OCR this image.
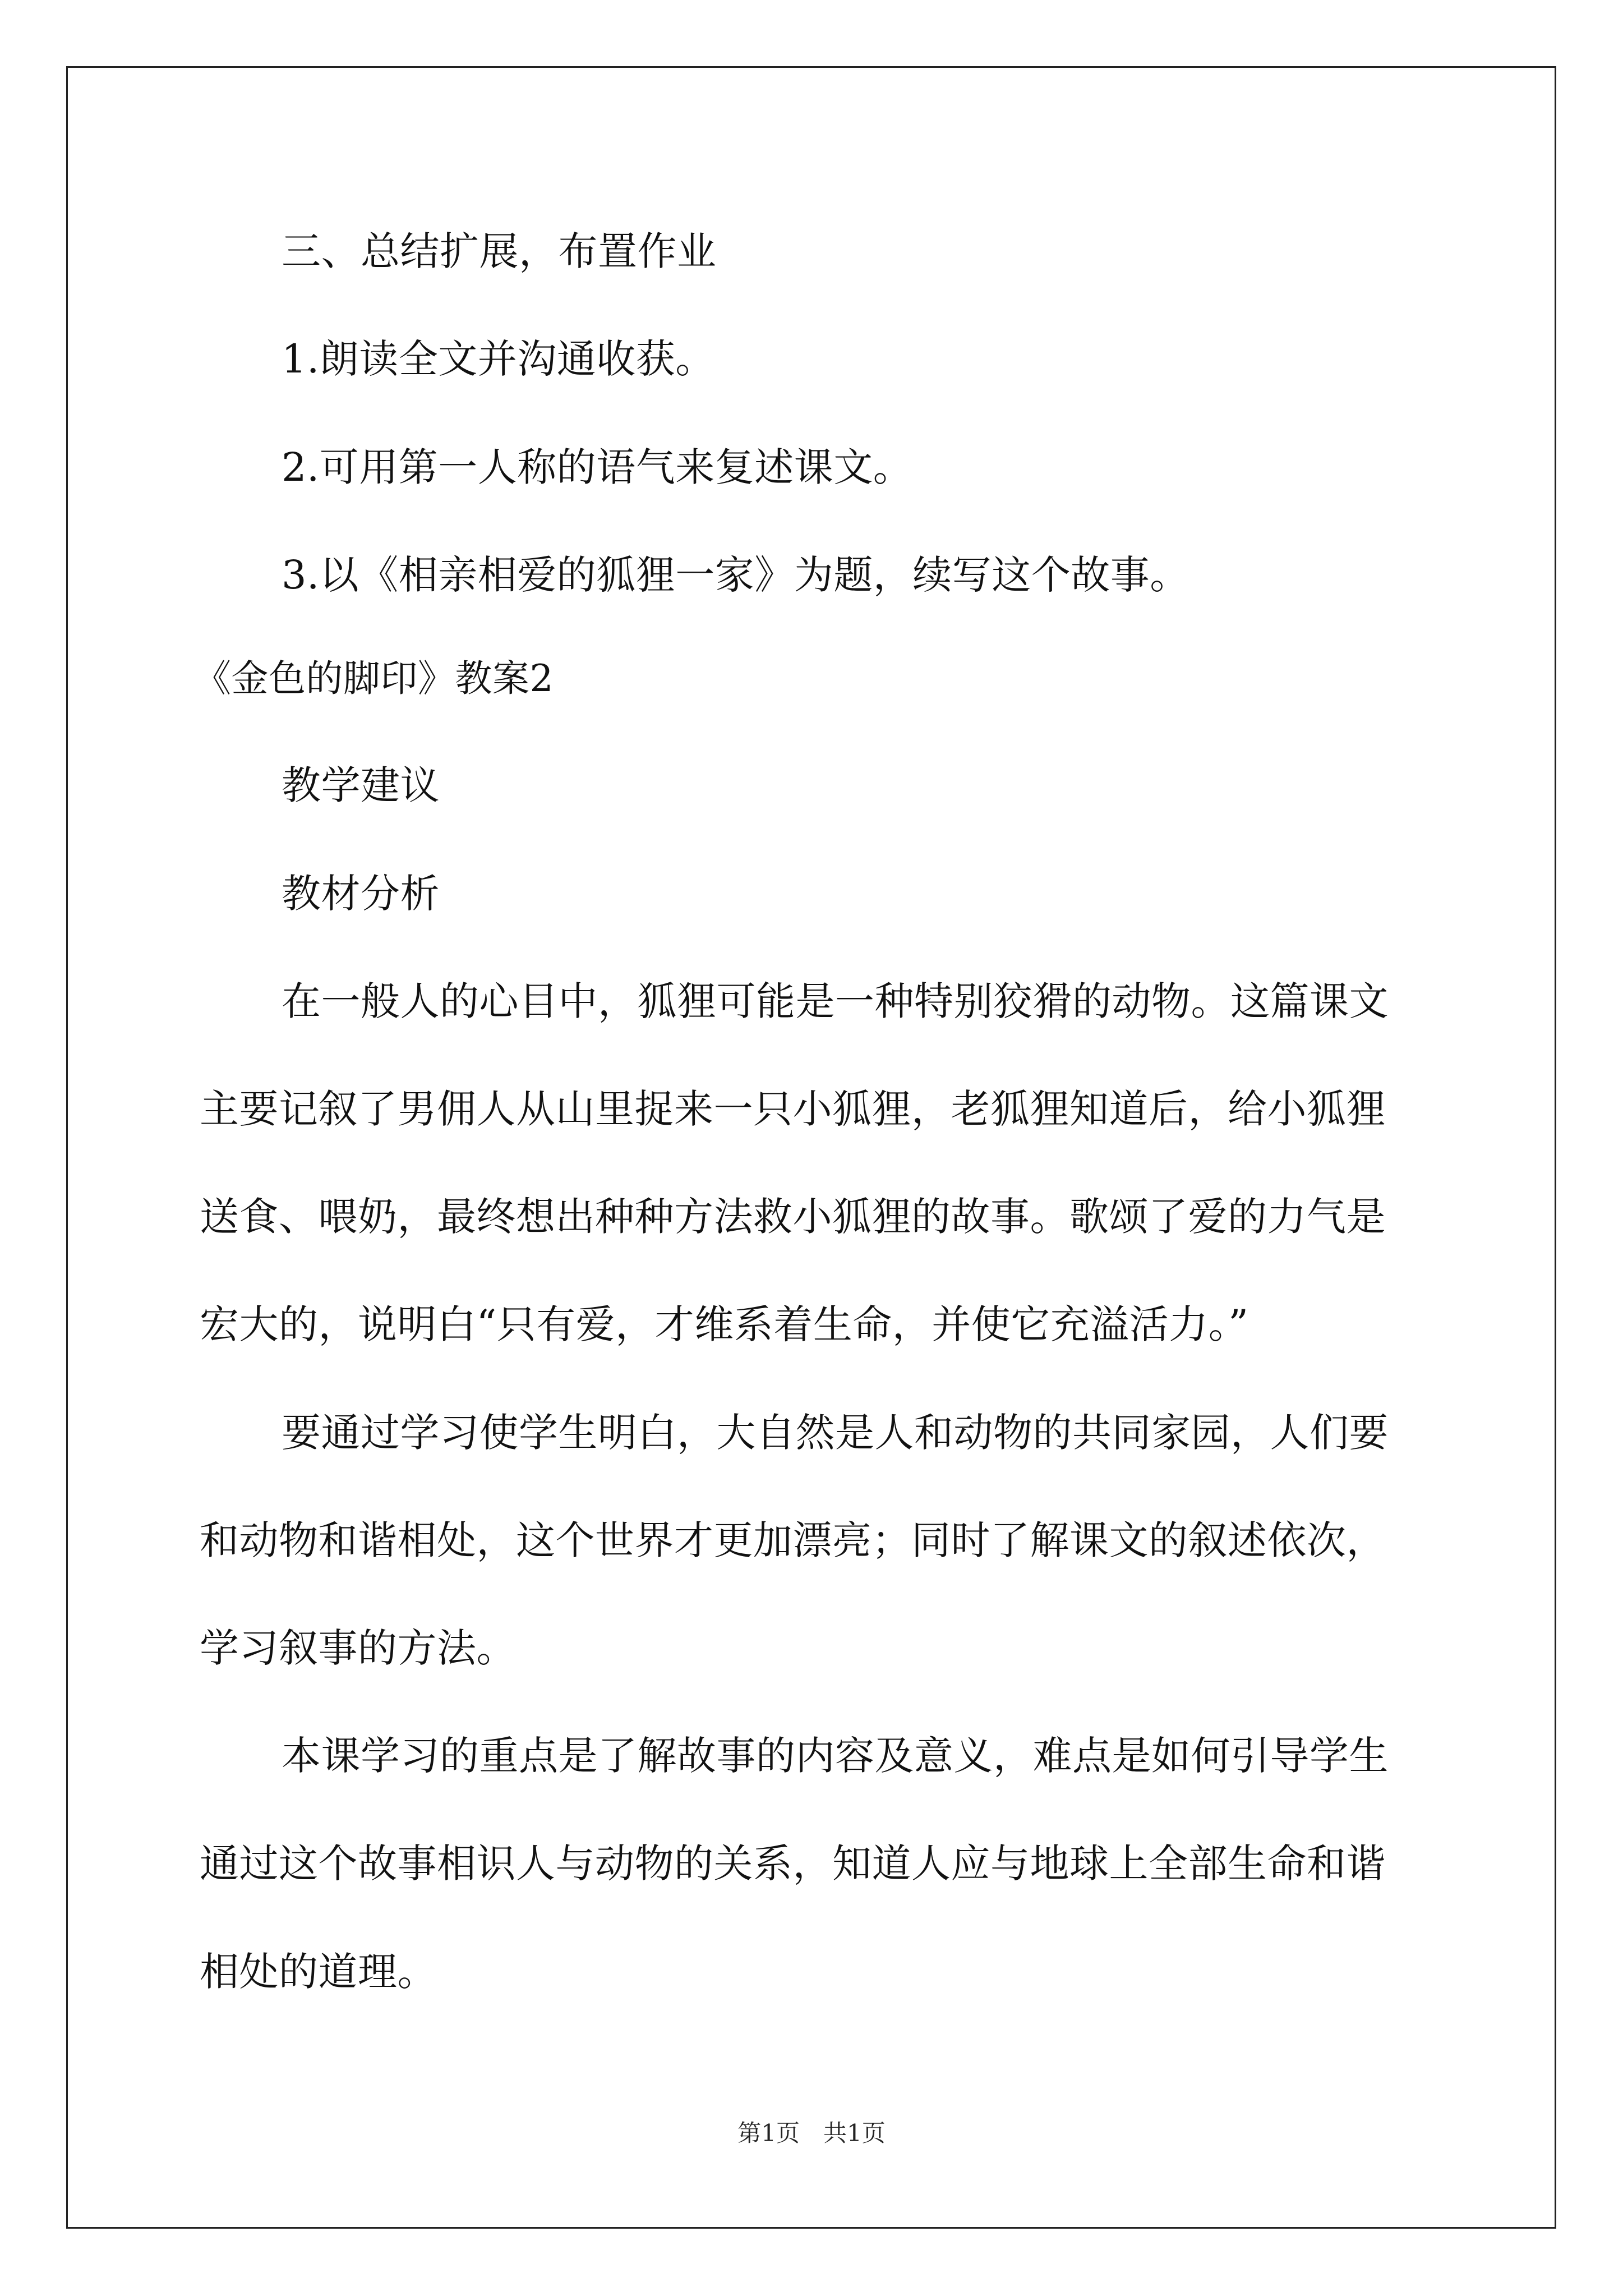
三、总结扩展，布置作业
1.朗读全文并沟通收获。
2.可用第一人称的语气来复述课文。
3.以《相亲相爱的狐狸一家》为题，续写这个故事。
《金色的脚印》教案2
教学建议
教材分析
在一般人的心目中，狐狸可能是一种特别狡猾的动物。这篇课文
主要记叙了男佣人从山里捉来一只小狐狸，老狐狸知道后，给小狐狸
送食、喂奶，最终想出种种方法救小狐狸的故事。歌颂了爱的力气是
宏大的，说明白“只有爱，才维系着生命，并使它充溢活力。”
要通过学习使学生明白，大自然是人和动物的共同家园，人们要
和动物和谐相处，这个世界才更加漂亮；同时了解课文的叙述依次，
学习叙事的方法。
本课学习的重点是了解故事的内容及意义，难点是如何引导学生
通过这个故事相识人与动物的关系，知道人应与地球上全部生命和谐
相处的道理。
第1页　共1页
